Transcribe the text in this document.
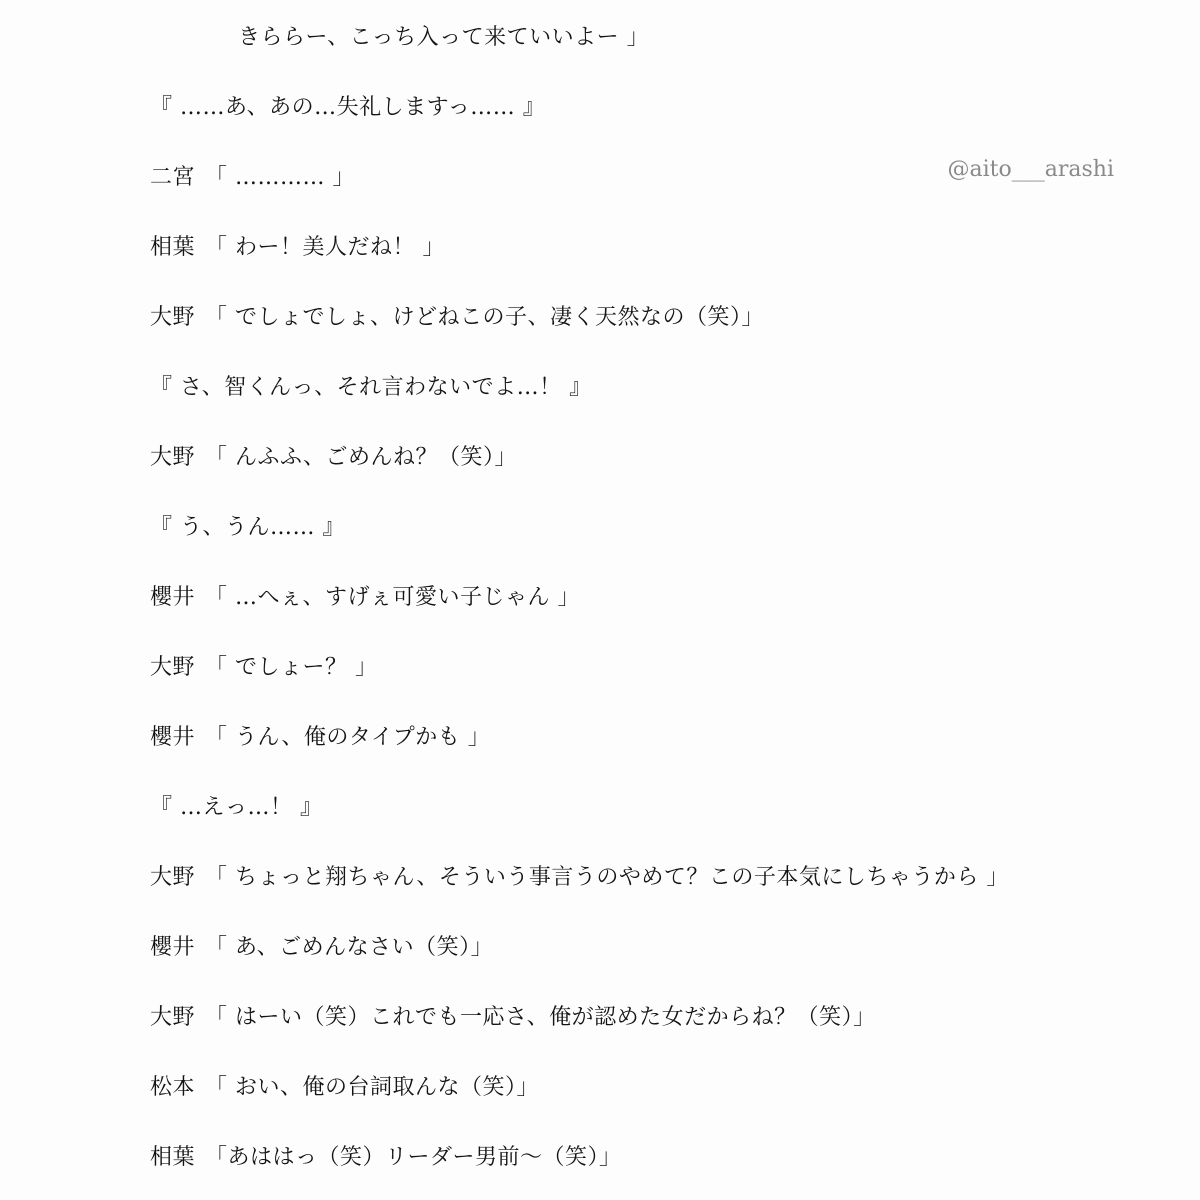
きららー、こっち入って来ていいよー 」
『 ……あ、あの…失礼しますっ…… 』
二宮 「 ………… 」
相葉 「 わー！美人だね！ 」
大野 「 でしょでしょ、けどねこの子、凄く天然なの（笑）」
『 さ、智くんっ、それ言わないでよ…！ 』
大野 「 んふふ、ごめんね？（笑）」
『 う、うん…… 』
櫻井 「 …へぇ、すげぇ可愛い子じゃん 」
大野 「 でしょー？ 」
櫻井 「 うん、俺のタイプかも 」
『 …えっ…！ 』
大野 「 ちょっと翔ちゃん、そういう事言うのやめて？この子本気にしちゃうから 」
櫻井 「 あ、ごめんなさい（笑）」
大野 「 はーい（笑）これでも一応さ、俺が認めた女だからね？（笑）」
松本 「 おい、俺の台詞取んな（笑）」
相葉 「あははっ（笑）リーダー男前〜（笑）」
@aito___arashi
